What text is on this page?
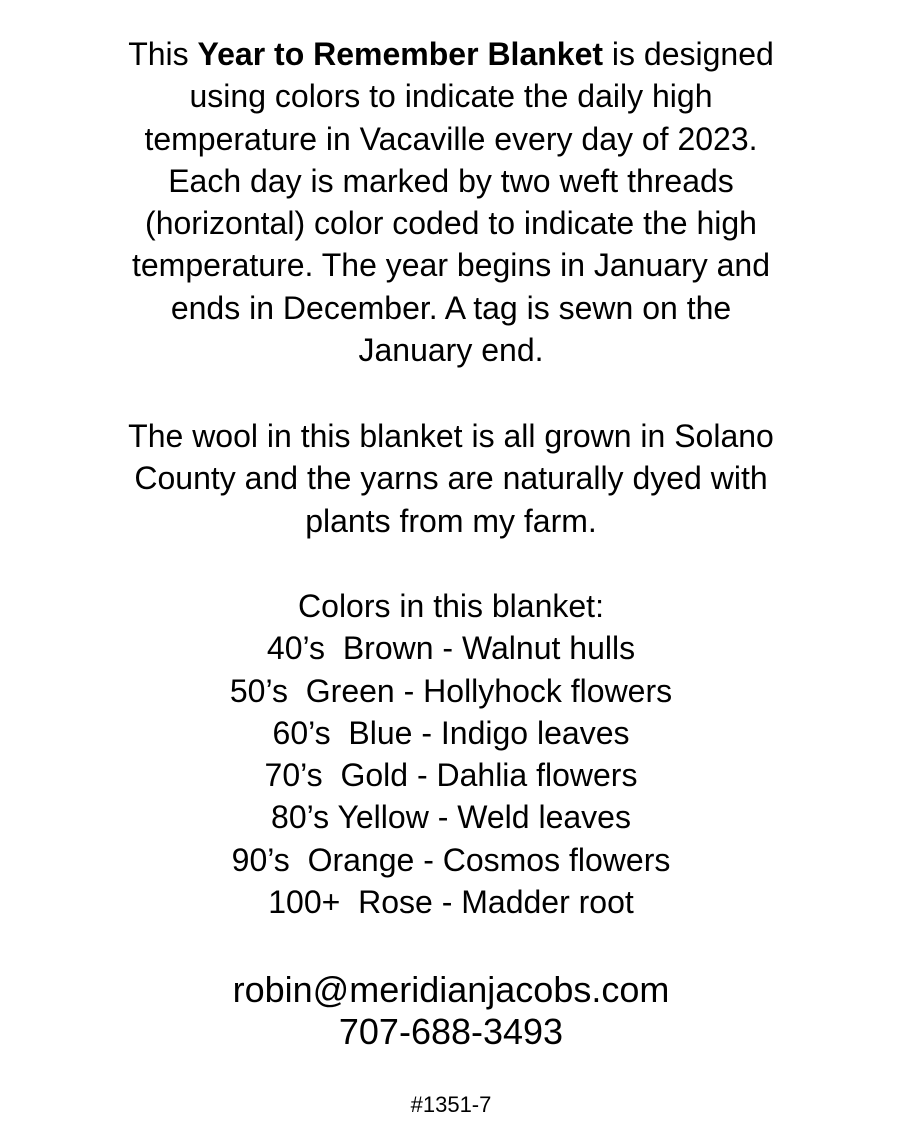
This Year to Remember Blanket is designed
using colors to indicate the daily high
temperature in Vacaville every day of 2023.
Each day is marked by two weft threads
(horizontal) color coded to indicate the high
temperature. The year begins in January and
ends in December. A tag is sewn on the
January end.
The wool in this blanket is all grown in Solano
County and the yarns are naturally dyed with
plants from my farm.
Colors in this blanket:
40’s  Brown - Walnut hulls
50’s  Green - Hollyhock flowers
60’s  Blue - Indigo leaves
70’s  Gold - Dahlia flowers
80’s Yellow - Weld leaves
90’s  Orange - Cosmos flowers
100+  Rose - Madder root
robin@meridianjacobs.com
707-688-3493
#1351-7
